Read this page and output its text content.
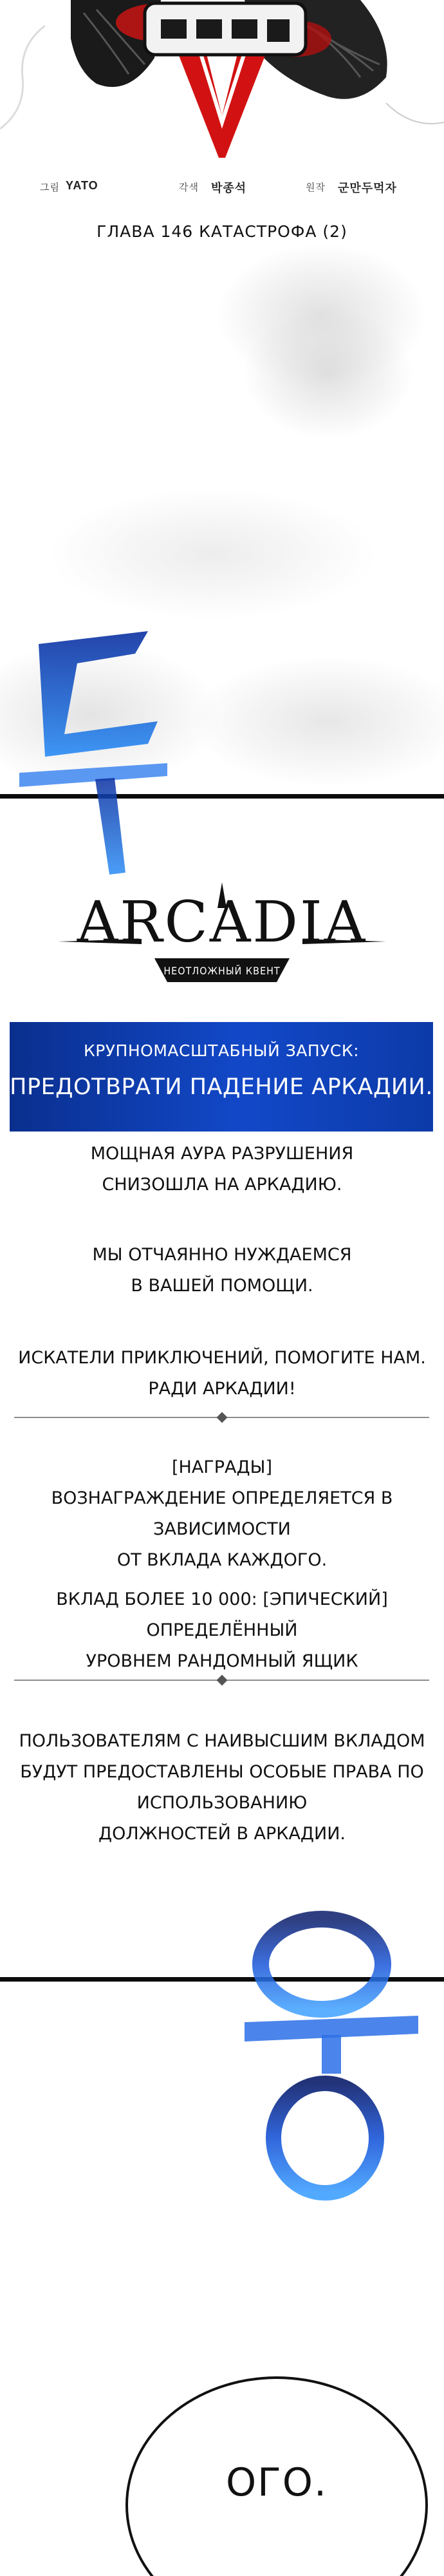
그림 YATO	각색 박종석	원작 군만두먹자
ГЛАВА 146 КАТАСТРОФА (2)
ARCADIA
НЕОТЛОЖНЫЙ КВЕНТ
КРУПНОМАСШТАБНЫЙ ЗАПУСК:
ПРЕДОТВРАТИ ПАДЕНИЕ АРКАДИИ.
МОЩНАЯ АУРА РАЗРУШЕНИЯ
СНИЗОШЛА НА АРКАДИЮ.
МЫ ОТЧАЯННО НУЖДАЕМСЯ
В ВАШЕЙ ПОМОЩИ.
ИСКАТЕЛИ ПРИКЛЮЧЕНИЙ, ПОМОГИТЕ НАМ.
РАДИ АРКАДИИ!
[НАГРАДЫ]
ВОЗНАГРАЖДЕНИЕ ОПРЕДЕЛЯЕТСЯ В ЗАВИСИМОСТИ
ОТ ВКЛАДА КАЖДОГО.
ВКЛАД БОЛЕЕ 10 000: [ЭПИЧЕСКИЙ] ОПРЕДЕЛЁННЫЙ
УРОВНЕМ РАНДОМНЫЙ ЯЩИК
ПОЛЬЗОВАТЕЛЯМ С НАИВЫСШИМ ВКЛАДОМ
БУДУТ ПРЕДОСТАВЛЕНЫ ОСОБЫЕ ПРАВА ПО ИСПОЛЬЗОВАНИЮ
ДОЛЖНОСТЕЙ В АРКАДИИ.
ОГО.
